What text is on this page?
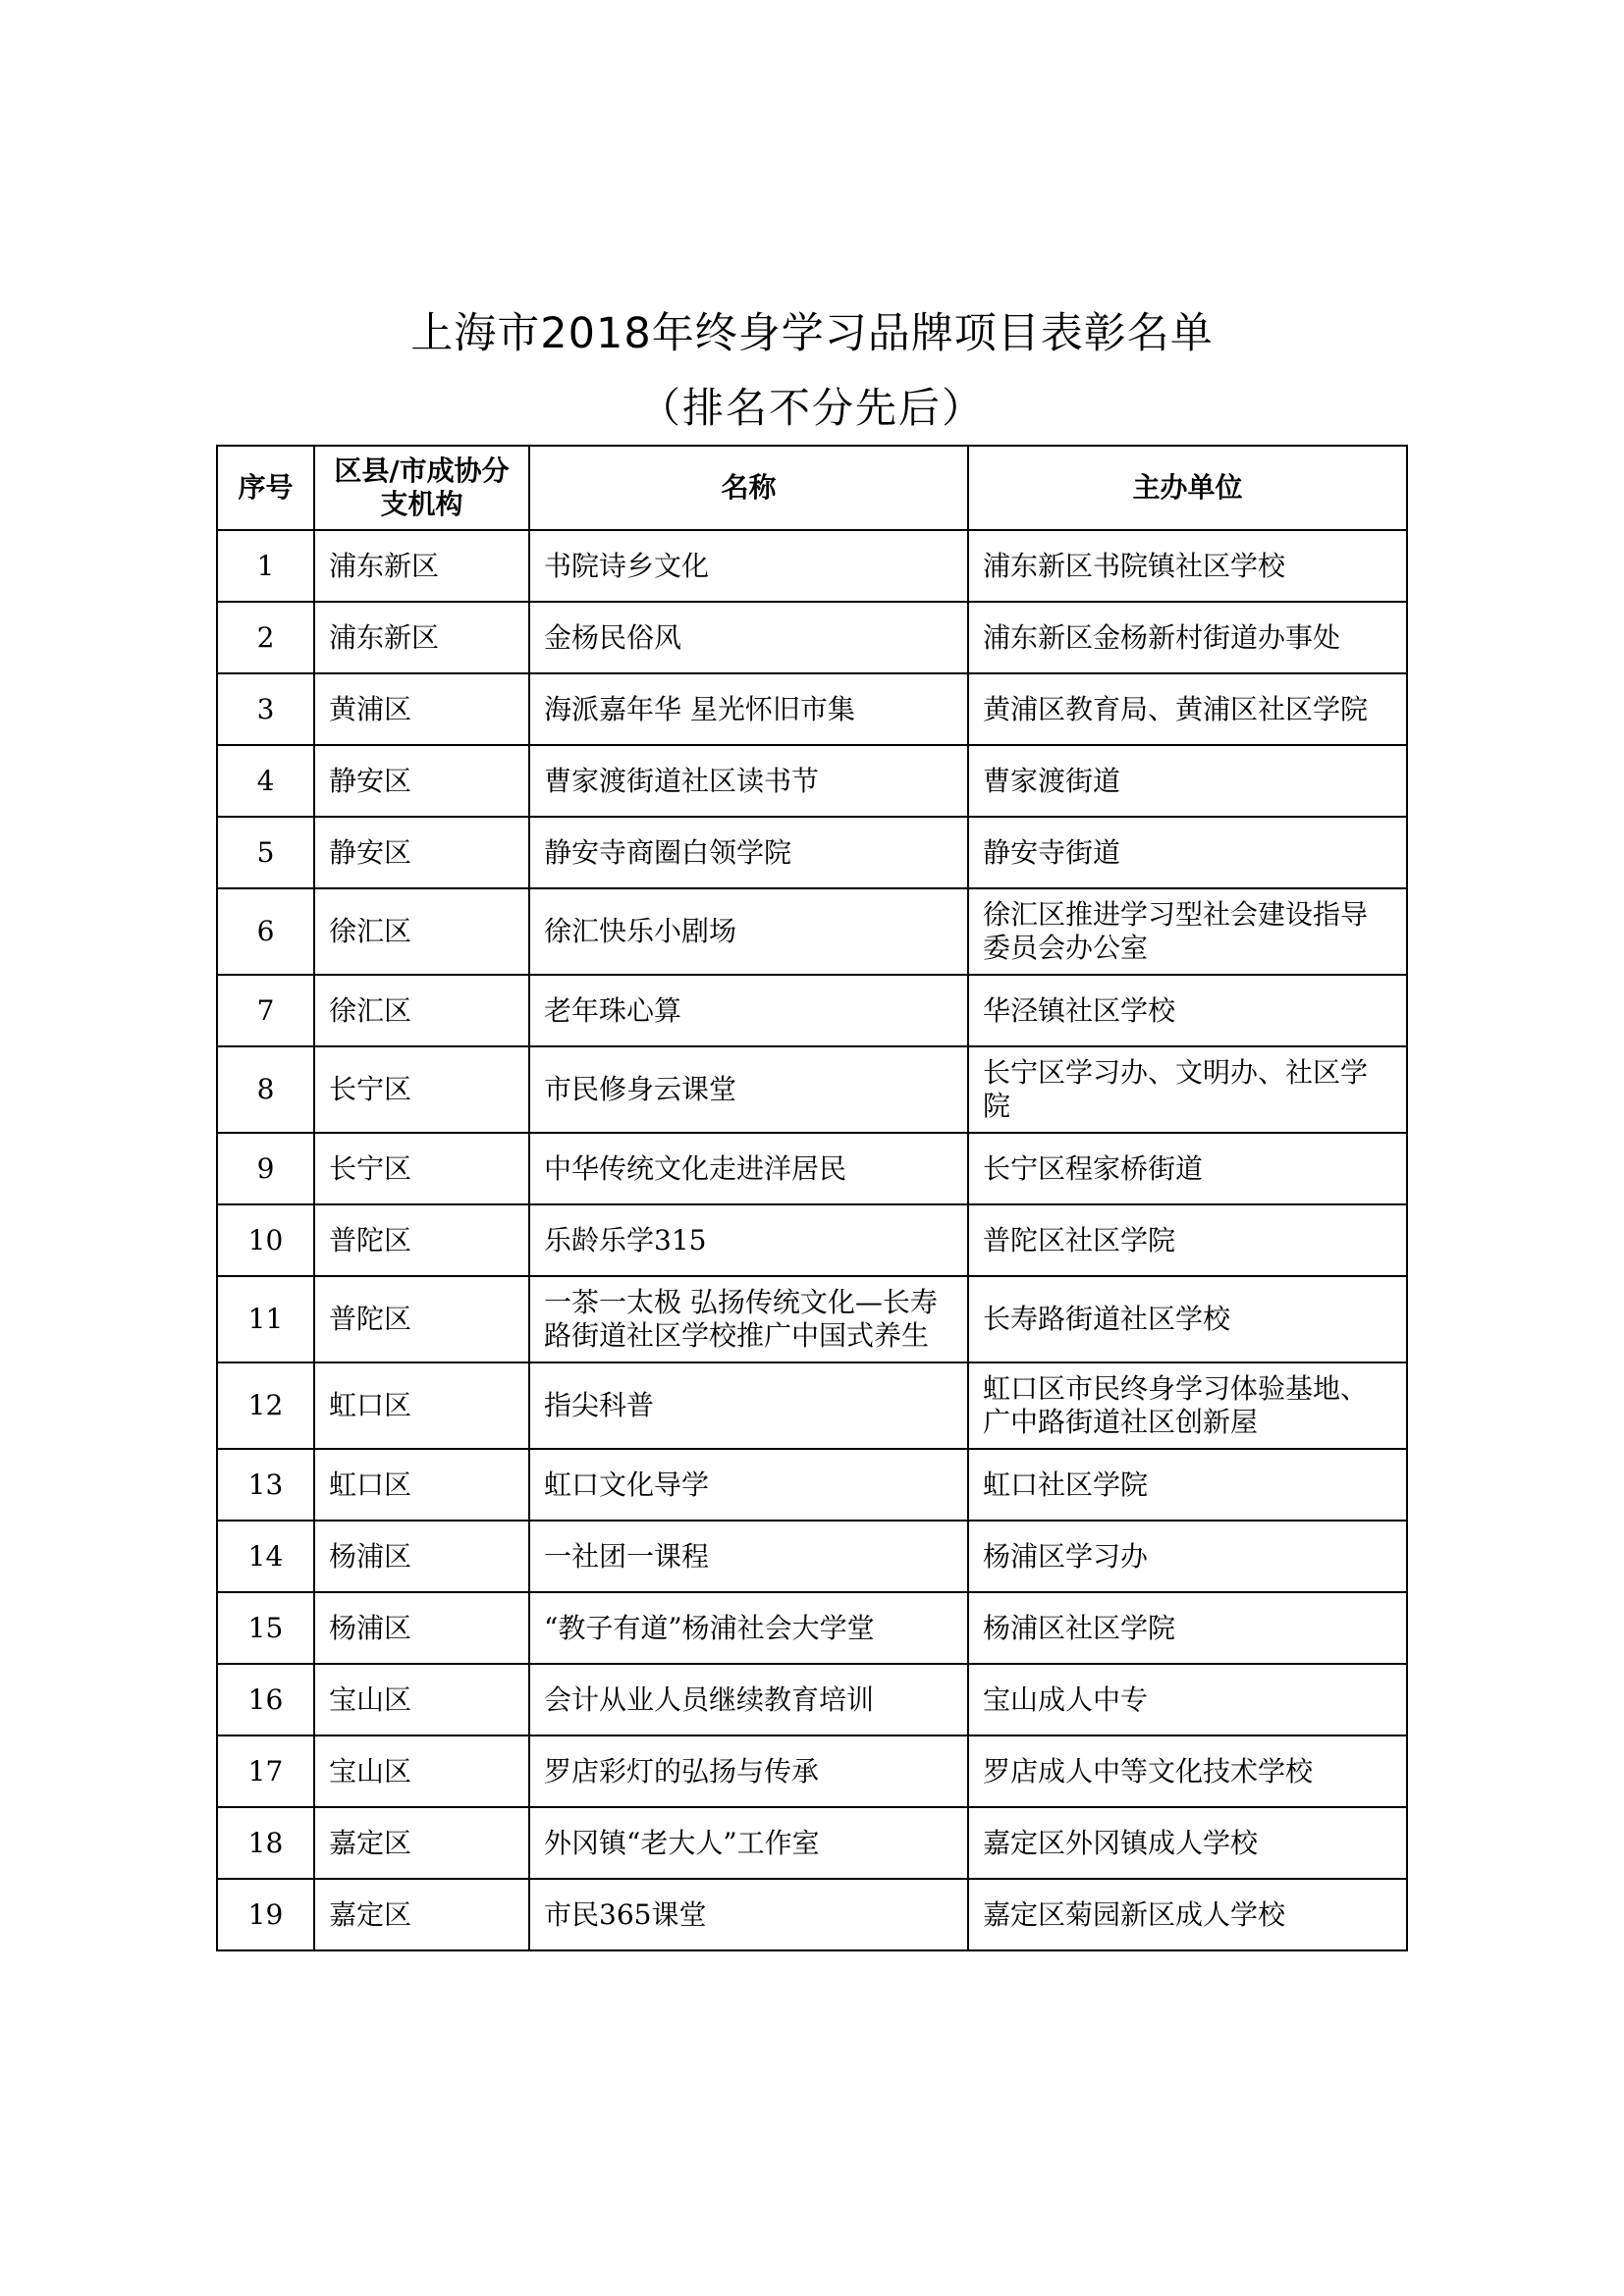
上海市2018年终身学习品牌项目表彰名单
（排名不分先后）
序号	区县/市成协分支机构	名称	主办单位
1	浦东新区	书院诗乡文化	浦东新区书院镇社区学校
2	浦东新区	金杨民俗风	浦东新区金杨新村街道办事处
3	黄浦区	海派嘉年华 星光怀旧市集	黄浦区教育局、黄浦区社区学院
4	静安区	曹家渡街道社区读书节	曹家渡街道
5	静安区	静安寺商圈白领学院	静安寺街道
6	徐汇区	徐汇快乐小剧场	徐汇区推进学习型社会建设指导委员会办公室
7	徐汇区	老年珠心算	华泾镇社区学校
8	长宁区	市民修身云课堂	长宁区学习办、文明办、社区学院
9	长宁区	中华传统文化走进洋居民	长宁区程家桥街道
10	普陀区	乐龄乐学315	普陀区社区学院
11	普陀区	一茶一太极 弘扬传统文化—长寿路街道社区学校推广中国式养生	长寿路街道社区学校
12	虹口区	指尖科普	虹口区市民终身学习体验基地、广中路街道社区创新屋
13	虹口区	虹口文化导学	虹口社区学院
14	杨浦区	一社团一课程	杨浦区学习办
15	杨浦区	“教子有道”杨浦社会大学堂	杨浦区社区学院
16	宝山区	会计从业人员继续教育培训	宝山成人中专
17	宝山区	罗店彩灯的弘扬与传承	罗店成人中等文化技术学校
18	嘉定区	外冈镇“老大人”工作室	嘉定区外冈镇成人学校
19	嘉定区	市民365课堂	嘉定区菊园新区成人学校
